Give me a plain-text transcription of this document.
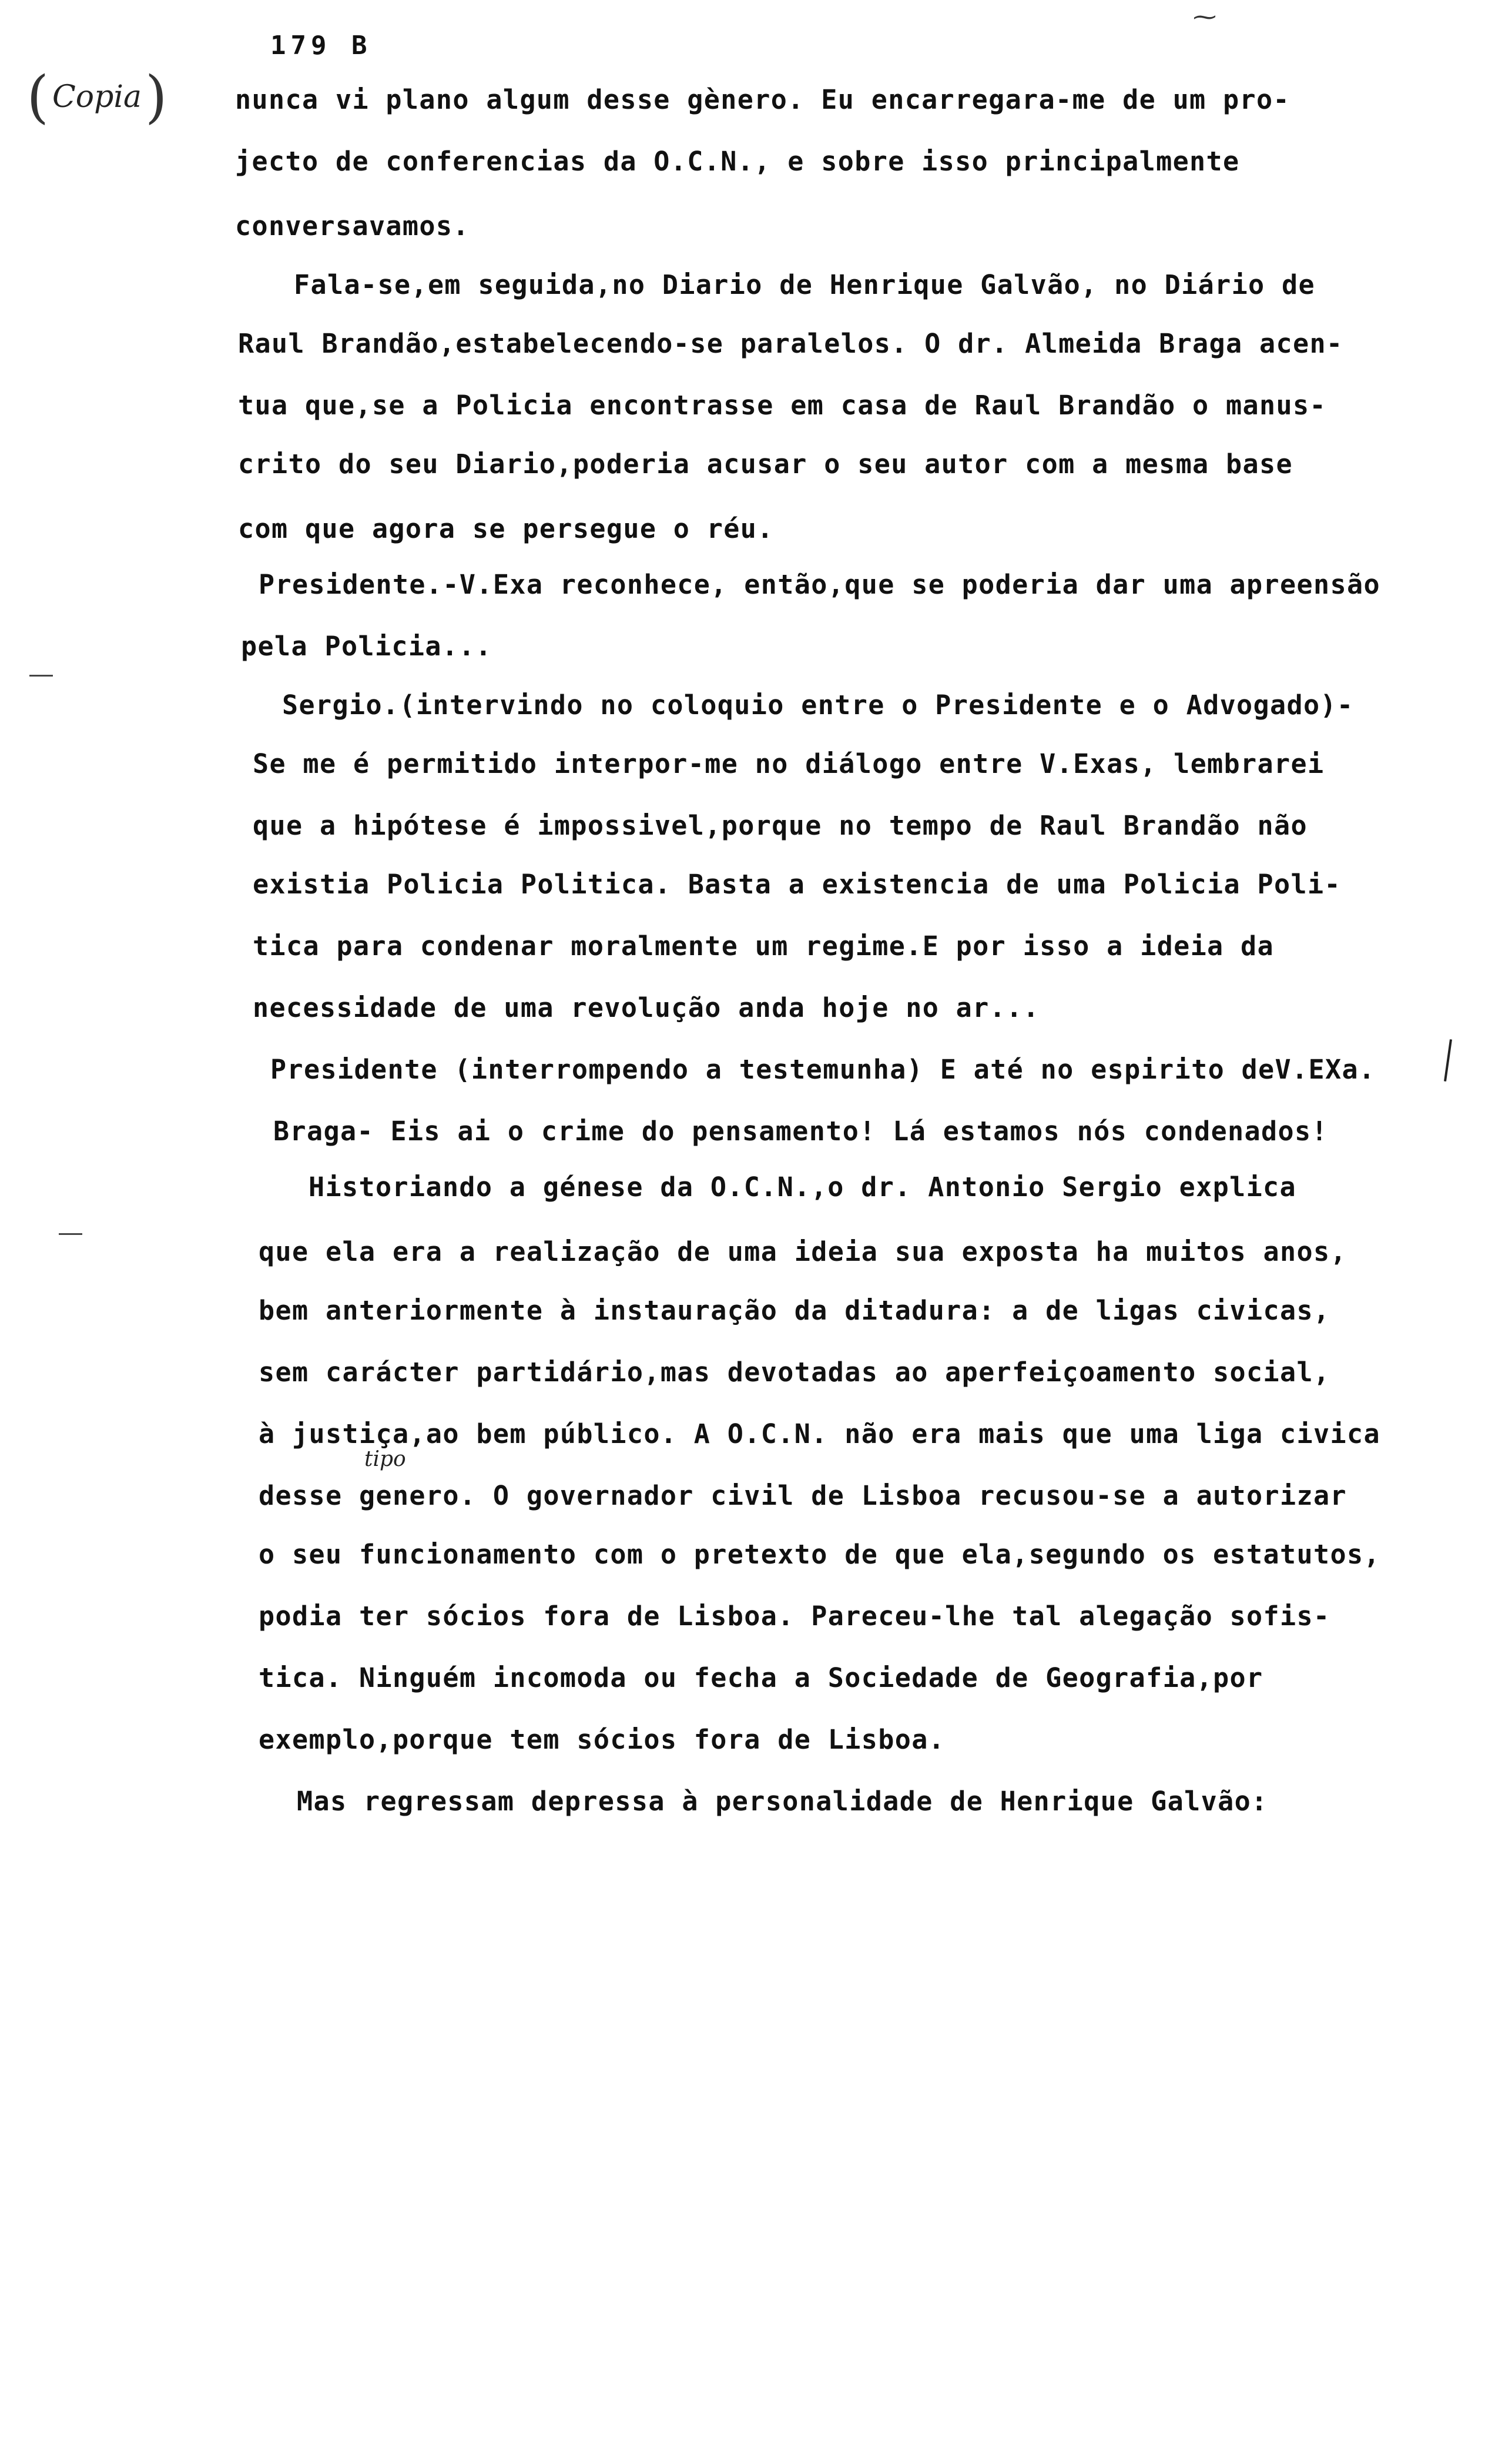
⁓
179 B
( Copia )	nunca vi plano algum desse gènero. Eu encarregara-me de um pro-
jecto de conferencias da O.C.N., e sobre isso principalmente
conversavamos.
Fala-se,em seguida,no Diario de Henrique Galvão, no Diário de
Raul Brandão,estabelecendo-se paralelos. O dr. Almeida Braga acen-
tua que,se a Policia encontrasse em casa de Raul Brandão o manus-
crito do seu Diario,poderia acusar o seu autor com a mesma base
com que agora se persegue o réu.
Presidente.-V.Exa reconhece, então,que se poderia dar uma apreensão
pela Policia...
Sergio.(intervindo no coloquio entre o Presidente e o Advogado)-
Se me é permitido interpor-me no diálogo entre V.Exas, lembrarei
que a hipótese é impossivel,porque no tempo de Raul Brandão não
existia Policia Politica. Basta a existencia de uma Policia Poli-
tica para condenar moralmente um regime.E por isso a ideia da
necessidade de uma revolução anda hoje no ar...
Presidente (interrompendo a testemunha) E até no espirito deV.EXa.
Braga- Eis ai o crime do pensamento! Lá estamos nós condenados!
Historiando a génese da O.C.N.,o dr. Antonio Sergio explica
que ela era a realização de uma ideia sua exposta ha muitos anos,
bem anteriormente à instauração da ditadura: a de ligas civicas,
sem carácter partidário,mas devotadas ao aperfeiçoamento social,
à justiça,ao bem público. A O.C.N. não era mais que uma liga civica
desse genero. O governador civil de Lisboa recusou-se a autorizar
o seu funcionamento com o pretexto de que ela,segundo os estatutos,
podia ter sócios fora de Lisboa. Pareceu-lhe tal alegação sofis-
tica. Ninguém incomoda ou fecha a Sociedade de Geografia,por
exemplo,porque tem sócios fora de Lisboa.
Mas regressam depressa à personalidade de Henrique Galvão:
tipo
